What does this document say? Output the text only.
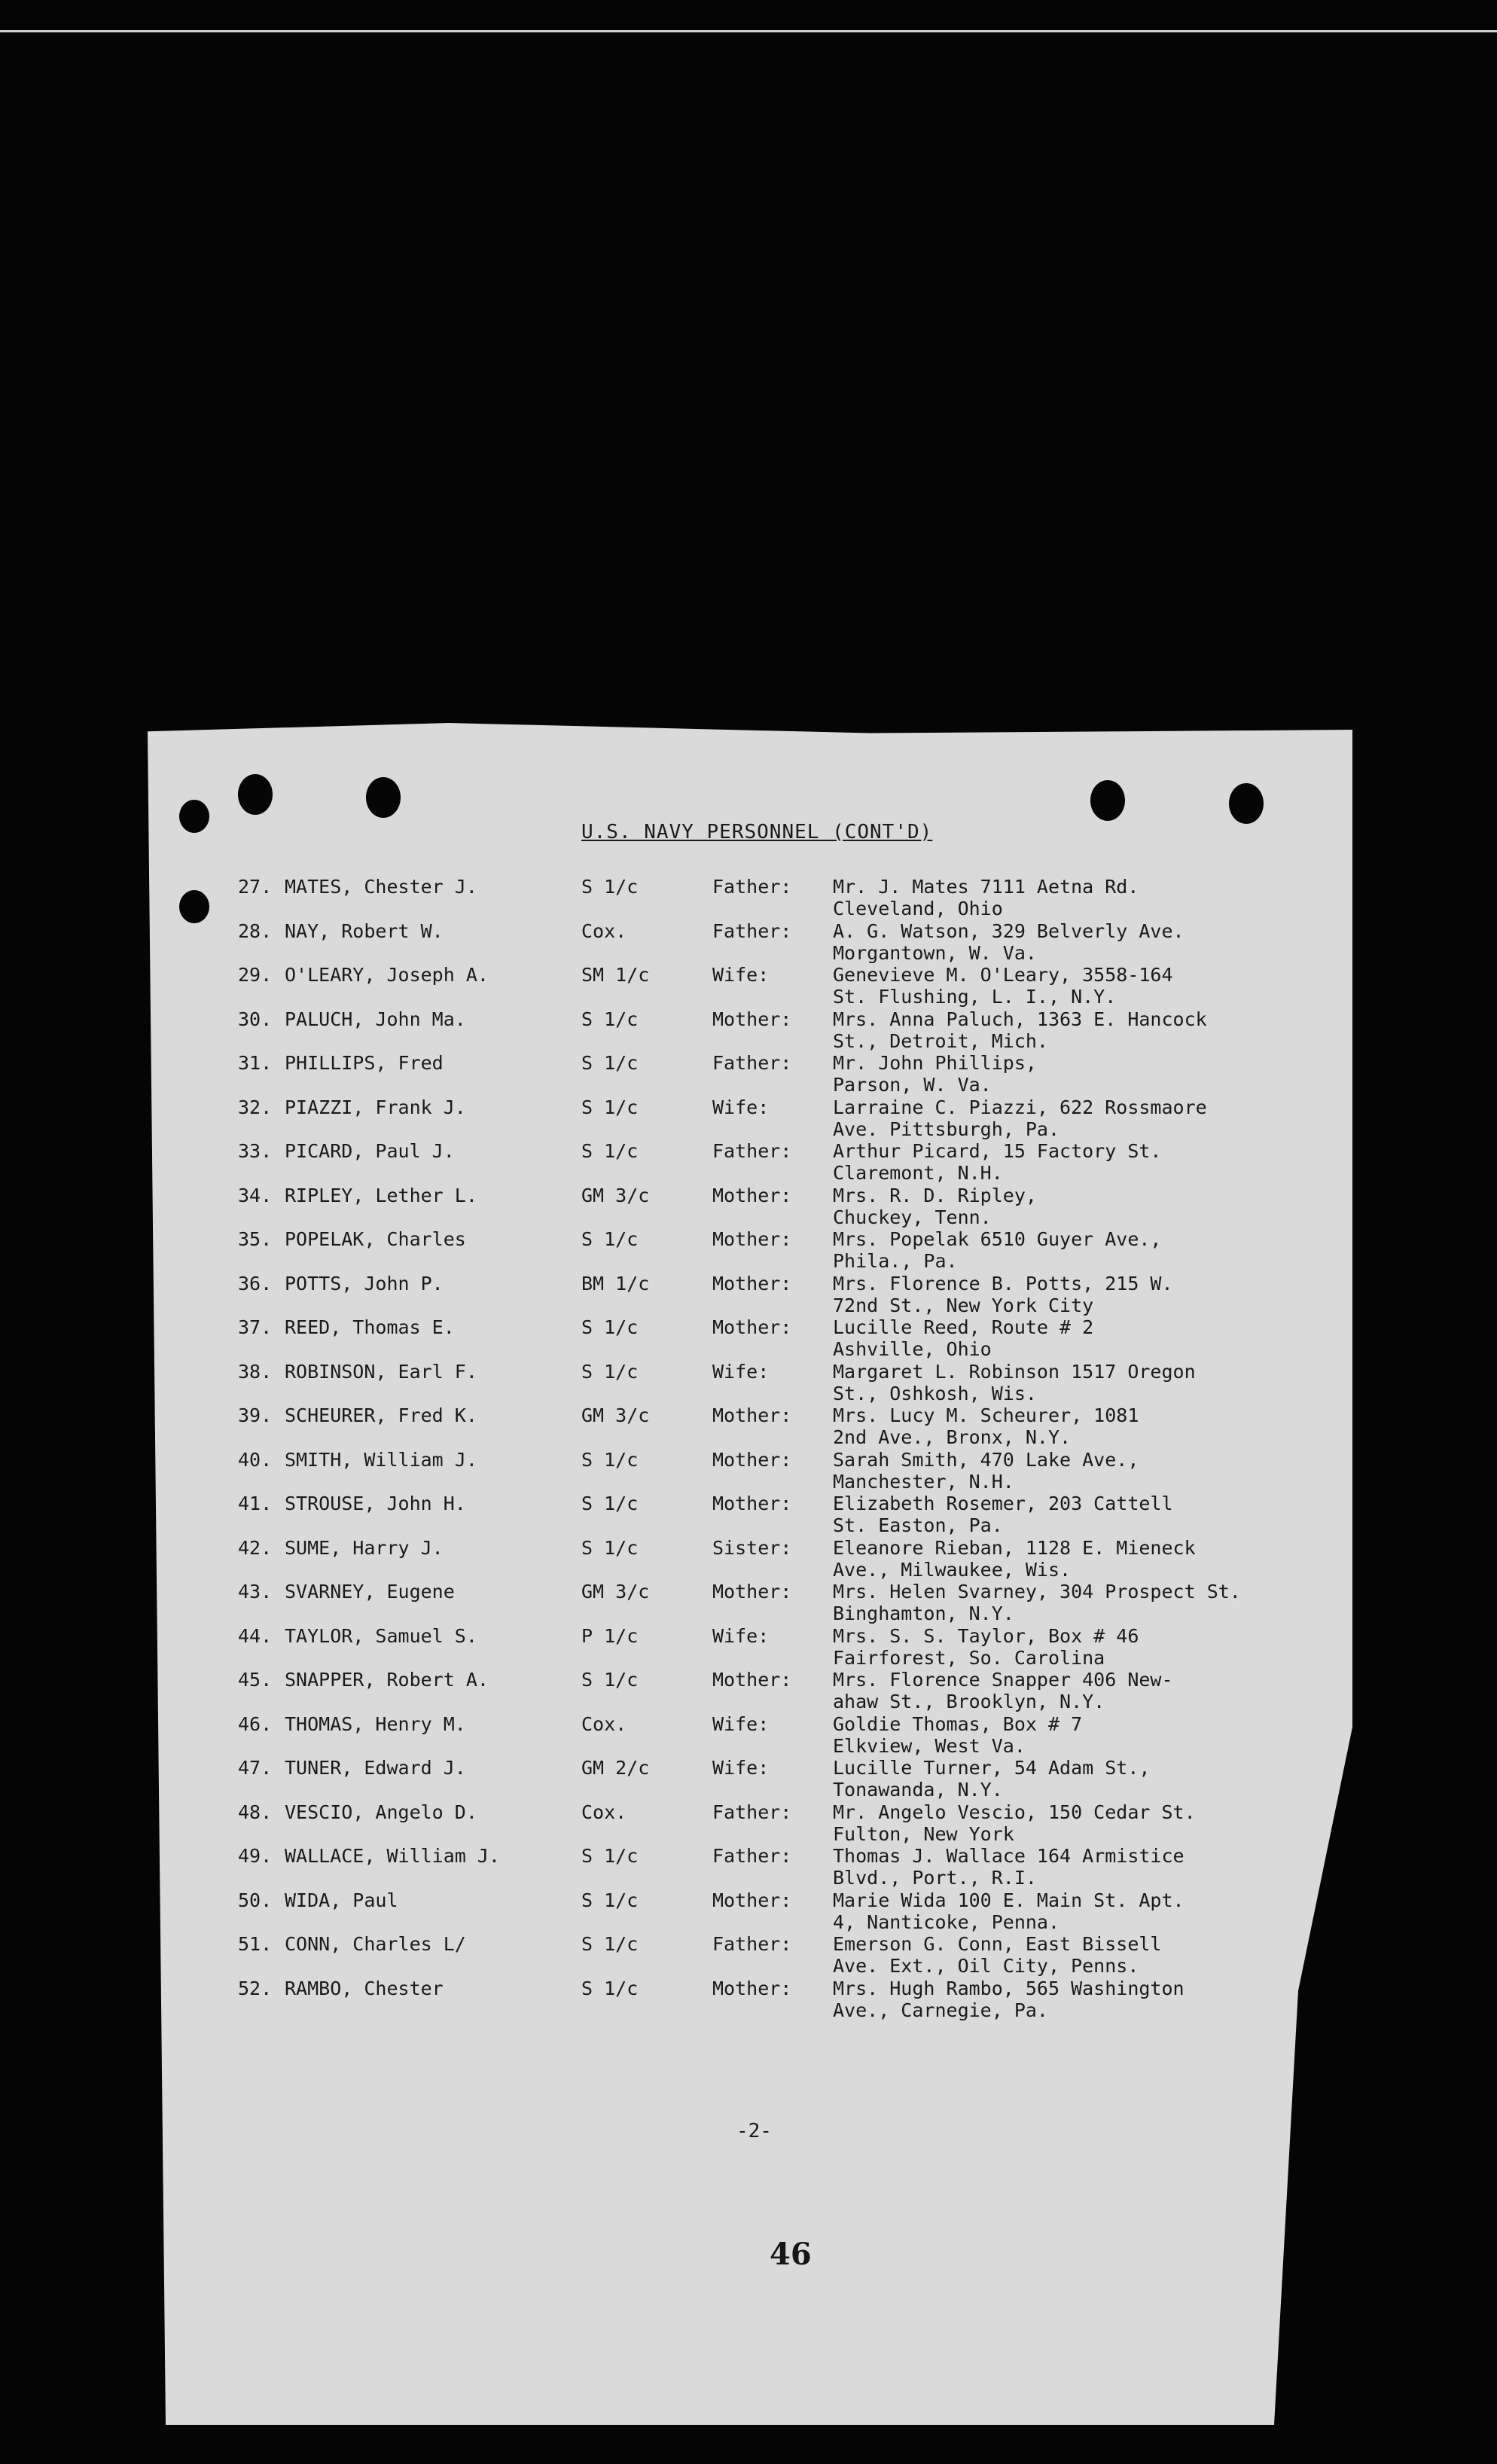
U.S. NAVY PERSONNEL (CONT'D)
27. MATES, Chester J.	S 1/c	Father: Mr. J. Mates 7111 Aetna Rd.
Cleveland, Ohio
28. NAY, Robert W.	Cox.	Father: A. G. Watson, 329 Belverly Ave.
Morgantown, W. Va.
29. O'LEARY, Joseph A.	SM 1/c	Wife:	Genevieve M. O'Leary, 3558-164
St. Flushing, L. I., N.Y.
30. PALUCH, John Ma.	S 1/c	Mother: Mrs. Anna Paluch, 1363 E. Hancock
St., Detroit, Mich.
31. PHILLIPS, Fred	S 1/c	Father: Mr. John Phillips,
Parson, W. Va.
32. PIAZZI, Frank J.	S 1/c	Wife:	Larraine C. Piazzi, 622 Rossmaore
Ave. Pittsburgh, Pa.
33. PICARD, Paul J.	S 1/c	Father: Arthur Picard, 15 Factory St.
Claremont, N.H.
34. RIPLEY, Lether L.	GM 3/c	Mother: Mrs. R. D. Ripley,
Chuckey, Tenn.
35. POPELAK, Charles	S 1/c	Mother: Mrs. Popelak 6510 Guyer Ave.,
Phila., Pa.
36. POTTS, John P.	BM 1/c	Mother: Mrs. Florence B. Potts, 215 W.
72nd St., New York City
37. REED, Thomas E.	S 1/c	Mother: Lucille Reed, Route # 2
Ashville, Ohio
38. ROBINSON, Earl F.	S 1/c	Wife:	Margaret L. Robinson 1517 Oregon
St., Oshkosh, Wis.
39. SCHEURER, Fred K.	GM 3/c	Mother: Mrs. Lucy M. Scheurer, 1081
2nd Ave., Bronx, N.Y.
40. SMITH, William J.	S 1/c	Mother: Sarah Smith, 470 Lake Ave.,
Manchester, N.H.
41. STROUSE, John H.	S 1/c	Mother: Elizabeth Rosemer, 203 Cattell
St. Easton, Pa.
42. SUME, Harry J.	S 1/c	Sister: Eleanore Rieban, 1128 E. Mieneck
Ave., Milwaukee, Wis.
43. SVARNEY, Eugene	GM 3/c	Mother: Mrs. Helen Svarney, 304 Prospect St.
Binghamton, N.Y.
44. TAYLOR, Samuel S.	P 1/c	Wife:	Mrs. S. S. Taylor, Box # 46
Fairforest, So. Carolina
45. SNAPPER, Robert A.	S 1/c	Mother: Mrs. Florence Snapper 406 New-
ahaw St., Brooklyn, N.Y.
46. THOMAS, Henry M.	Cox.	Wife:	Goldie Thomas, Box # 7
Elkview, West Va.
47. TUNER, Edward J.	GM 2/c	Wife:	Lucille Turner, 54 Adam St.,
Tonawanda, N.Y.
48. VESCIO, Angelo D.	Cox.	Father: Mr. Angelo Vescio, 150 Cedar St.
Fulton, New York
49. WALLACE, William J.	S 1/c	Father: Thomas J. Wallace 164 Armistice
Blvd., Port., R.I.
50. WIDA, Paul	S 1/c	Mother: Marie Wida 100 E. Main St. Apt.
4, Nanticoke, Penna.
51. CONN, Charles L/	S 1/c	Father: Emerson G. Conn, East Bissell
Ave. Ext., Oil City, Penns.
52. RAMBO, Chester	S 1/c	Mother: Mrs. Hugh Rambo, 565 Washington
Ave., Carnegie, Pa.
-2-
46
